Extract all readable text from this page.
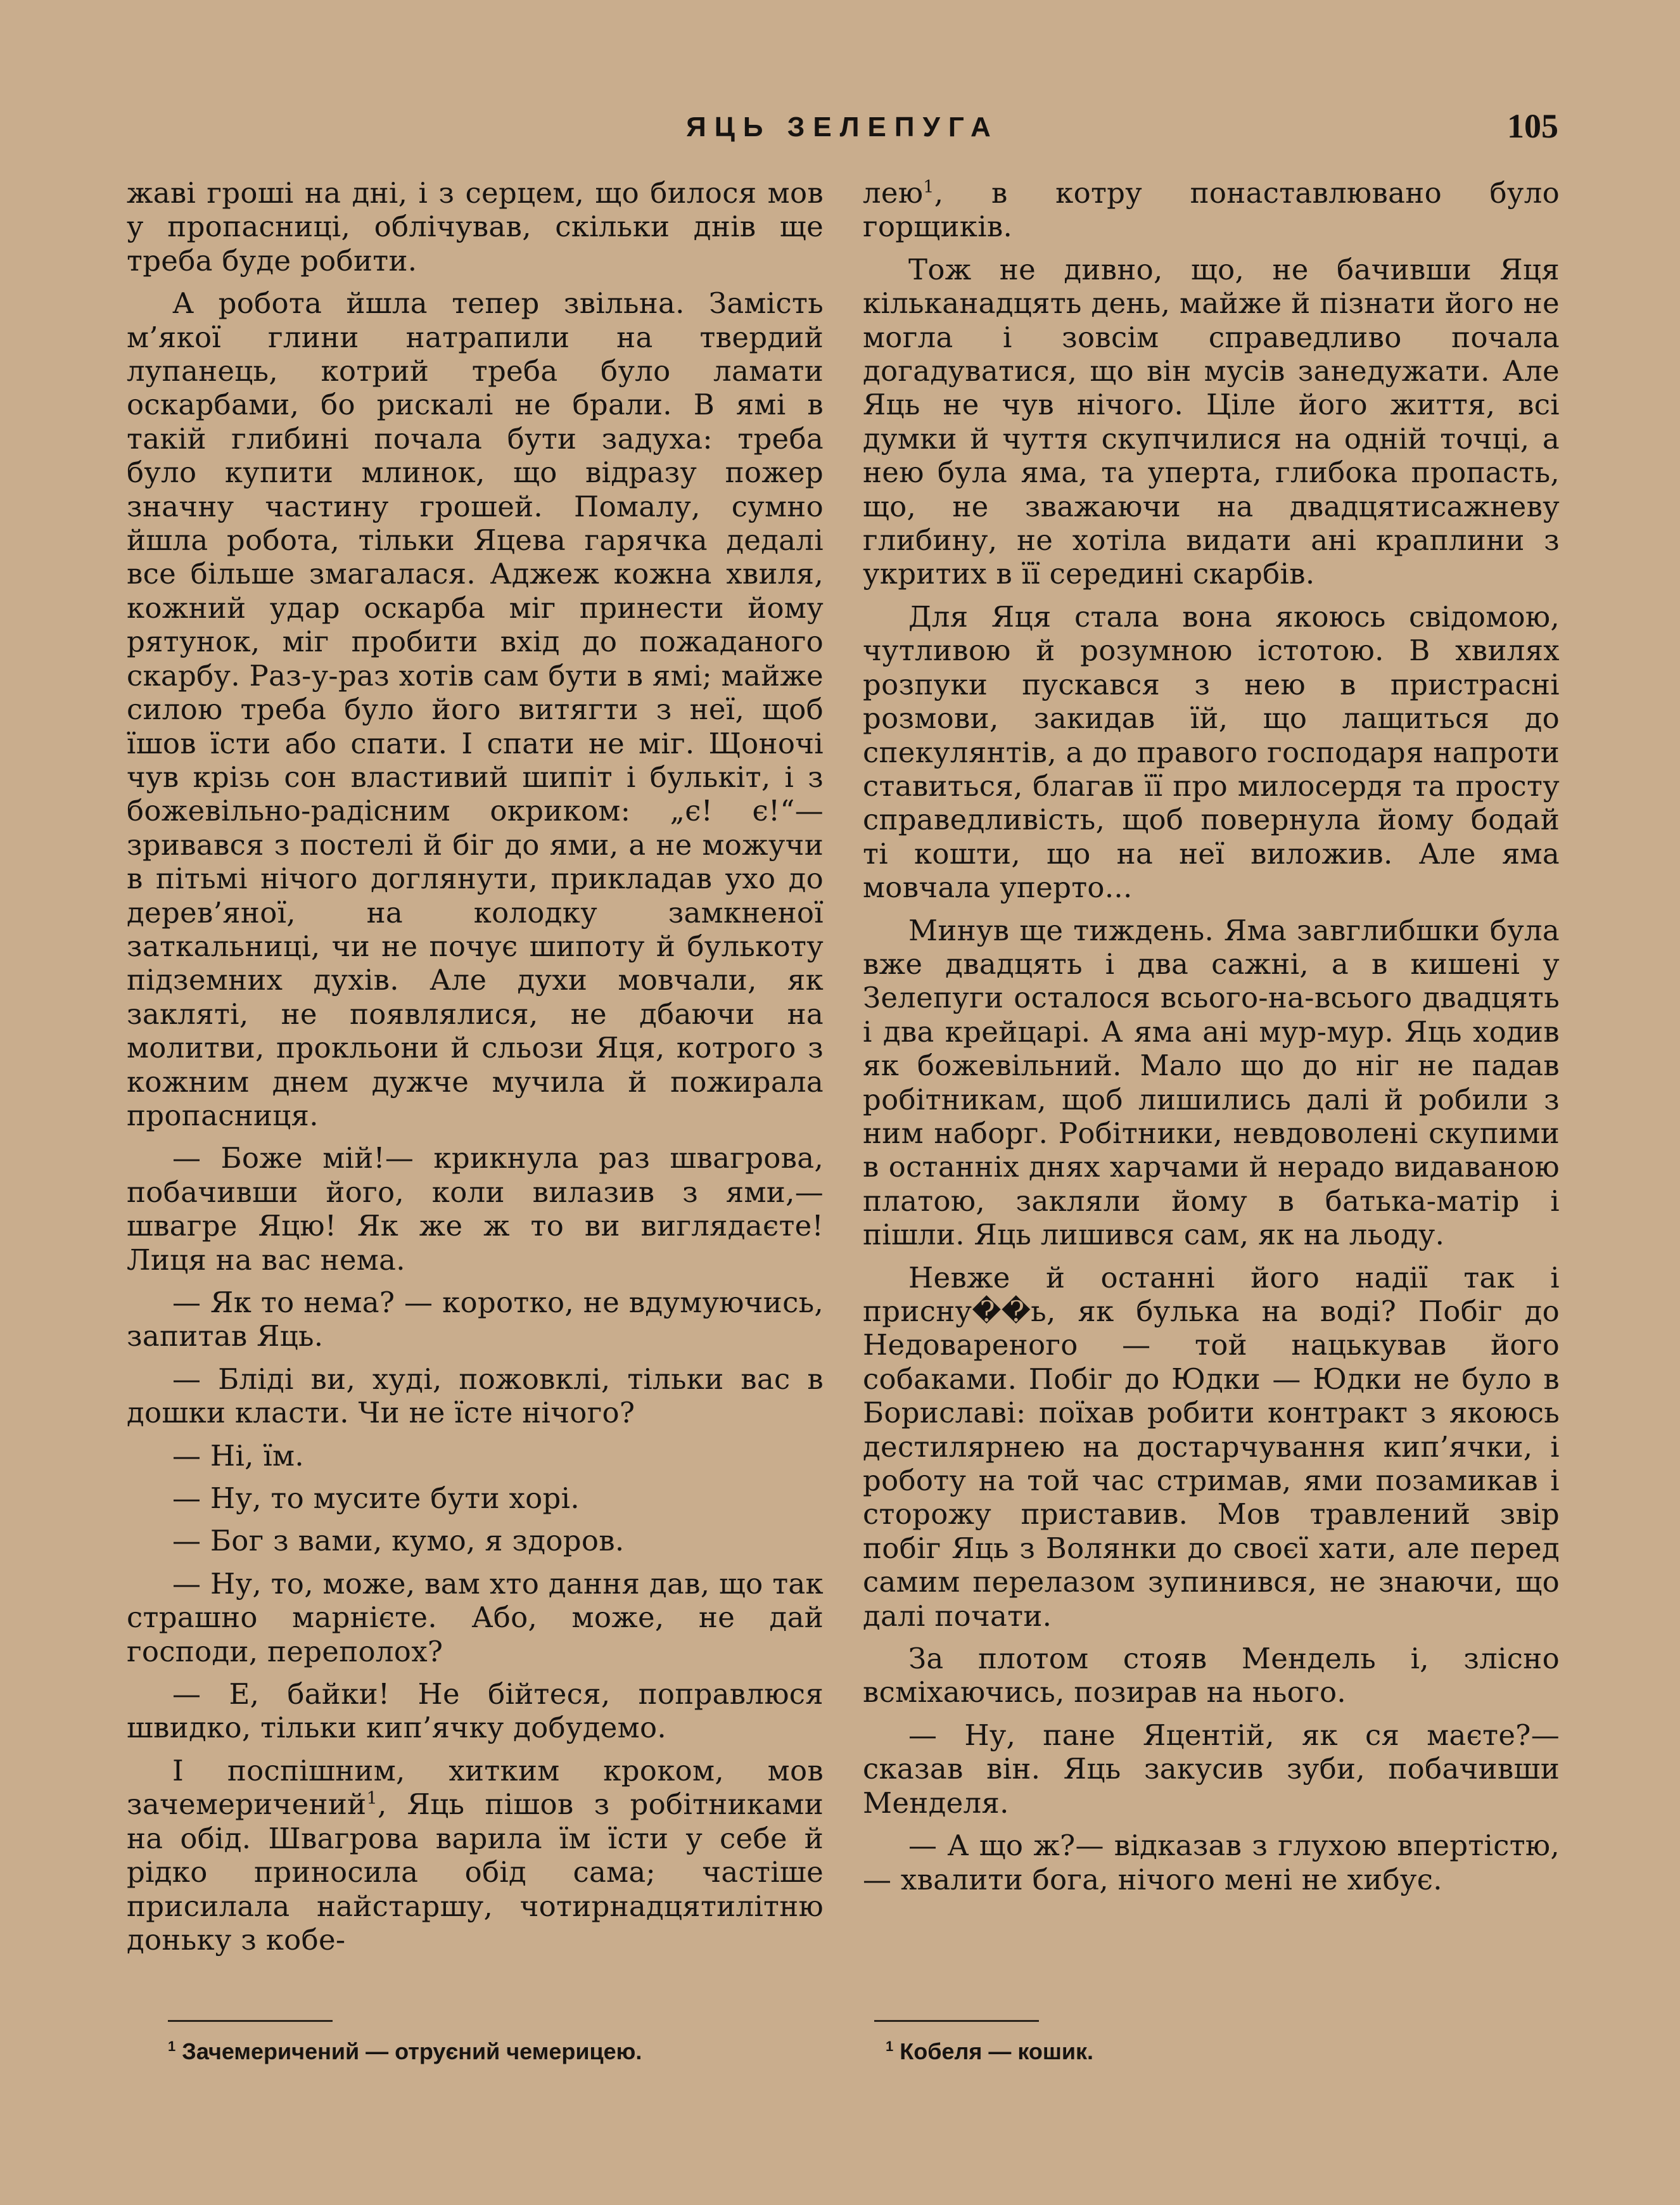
ЯЦЬ ЗЕЛЕПУГА	105

жаві гроші на дні, і з серцем, що билося мов у пропасниці, облічував, скільки днів ще треба буде робити.

А робота йшла тепер звільна. Замість м’якої глини натрапили на твердий лупанець, котрий треба було ламати оскарбами, бо рискалі не брали. В ямі в такій глибині почала бути задуха: треба було купити млинок, що відразу пожер значну частину грошей. Помалу, сумно йшла робота, тільки Яцева гарячка дедалі все більше змагалася. Аджеж кожна хвиля, кожний удар оскарба міг принести йому рятунок, міг пробити вхід до пожаданого скарбу. Раз-у-раз хотів сам бути в ямі; майже силою треба було його витягти з неї, щоб їшов їсти або спати. І спати не міг. Щоночі чув крізь сон властивий шипіт і булькіт, і з божевільно-радісним окриком: „є! є!“—зривався з постелі й біг до ями, а не можучи в пітьмі нічого доглянути, прикладав ухо до дерев’яної, на колодку замкненої заткальниці, чи не почує шипоту й булькоту підземних духів. Але духи мовчали, як закляті, не появлялися, не дбаючи на молитви, прокльони й сльози Яця, котрого з кожним днем дужче мучила й пожирала пропасниця.

— Боже мій!— крикнула раз швагрова, побачивши його, коли вилазив з ями,— швагре Яцю! Як же ж то ви виглядаєте! Лиця на вас нема.

— Як то нема? — коротко, не вдумуючись, запитав Яць.

— Бліді ви, худі, пожовклі, тільки вас в дошки класти. Чи не їсте нічого?

— Ні, їм.

— Ну, то мусите бути хорі.

— Бог з вами, кумо, я здоров.

— Ну, то, може, вам хто дання дав, що так страшно марнієте. Або, може, не дай господи, переполох?

— Е, байки! Не бійтеся, поправлюся швидко, тільки кип’ячку добудемо.

І поспішним, хитким кроком, мов зачемеричений$^1$, Яць пішов з робітниками на обід. Швагрова варила їм їсти у себе й рідко приносила обід сама; частіше присилала найстаршу, чотирнадцятилітню доньку з кобе-

лею$^1$, в котру понаставлювано було горщиків.

Тож не дивно, що, не бачивши Яця кільканадцять день, майже й пізнати його не могла і зовсім справедливо почала догадуватися, що він мусів занедужати. Але Яць не чув нічого. Ціле його життя, всі думки й чуття скупчилися на одній точці, а нею була яма, та уперта, глибока пропасть, що, не зважаючи на двадцятисажневу глибину, не хотіла видати ані краплини з укритих в її середині скарбів.

Для Яця стала вона якоюсь свідомою, чутливою й розумною істотою. В хвилях розпуки пускався з нею в пристрасні розмови, закидав їй, що лащиться до спекулянтів, а до правого господаря напроти ставиться, благав її про милосердя та просту справедливість, щоб повернула йому бодай ті кошти, що на неї виложив. Але яма мовчала уперто...

Минув ще тиждень. Яма завглибшки була вже двадцять і два сажні, а в кишені у Зелепуги осталося всього-на-всього двадцять і два крейцарі. А яма ані мур-мур. Яць ходив як божевільний. Мало що до ніг не падав робітникам, щоб лишились далі й робили з ним наборг. Робітники, невдоволені скупими в останніх днях харчами й нерадо видаваною платою, закляли йому в батька-матір і пішли. Яць лишився сам, як на льоду.

Невже й останні його надії так і присну��ь, як булька на воді? Побіг до Недовареного — той нацькував його собаками. Побіг до Юдки — Юдки не було в Бориславі: поїхав робити контракт з якоюсь дестилярнею на достарчування кип’ячки, і роботу на той час стримав, ями позамикав і сторожу приставив. Мов травлений звір побіг Яць з Волянки до своєї хати, але перед самим перелазом зупинився, не знаючи, що далі почати.

За плотом стояв Мендель і, злісно всміхаючись, позирав на нього.

— Ну, пане Яцентій, як ся маєте?— сказав він. Яць закусив зуби, побачивши Менделя.

— А що ж?— відказав з глухою впертістю,— хвалити бога, нічого мені не хибує.

$^1$ Зачемеричений — отруєний чемерицею.	$^1$ Кобеля — кошик.
